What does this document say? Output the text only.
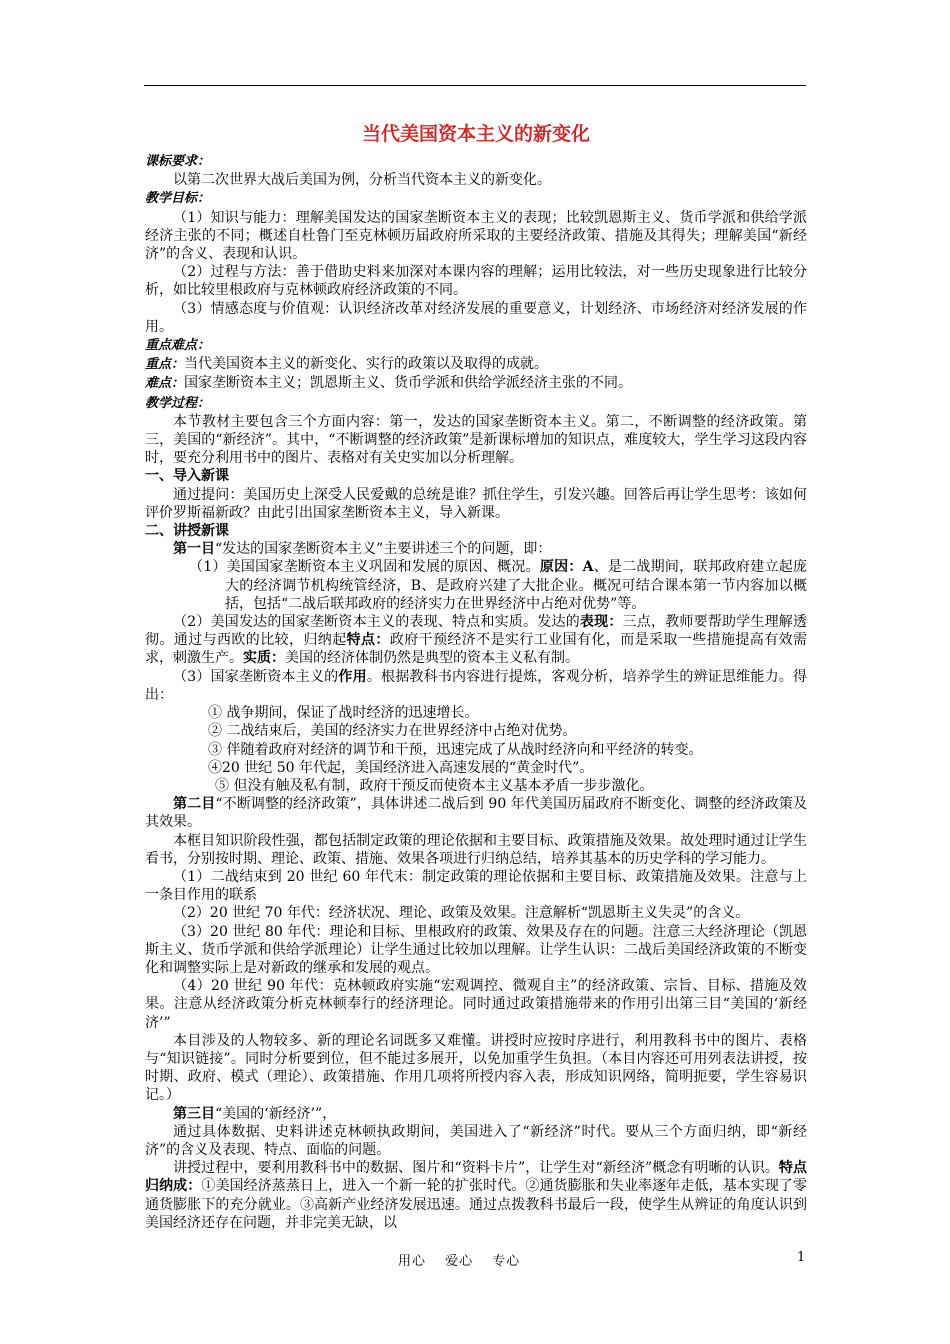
当代美国资本主义的新变化

课标要求：

以第二次世界大战后美国为例，分析当代资本主义的新变化。

教学目标：

（1）知识与能力：理解美国发达的国家垄断资本主义的表现；比较凯恩斯主义、货币学派和供给学派经济主张的不同；概述自杜鲁门至克林顿历届政府所采取的主要经济政策、措施及其得失；理解美国“新经济”的含义、表现和认识。

（2）过程与方法：善于借助史料来加深对本课内容的理解；运用比较法，对一些历史现象进行比较分析，如比较里根政府与克林顿政府经济政策的不同。

（3）情感态度与价值观：认识经济改革对经济发展的重要意义，计划经济、市场经济对经济发展的作用。

重点难点：

重点：当代美国资本主义的新变化、实行的政策以及取得的成就。

难点：国家垄断资本主义；凯恩斯主义、货币学派和供给学派经济主张的不同。

教学过程：

本节教材主要包含三个方面内容：第一，发达的国家垄断资本主义。第二，不断调整的经济政策。第三，美国的“新经济”。其中，“不断调整的经济政策”是新课标增加的知识点，难度较大，学生学习这段内容时，要充分利用书中的图片、表格对有关史实加以分析理解。

一、导入新课

通过提问：美国历史上深受人民爱戴的总统是谁？抓住学生，引发兴趣。回答后再让学生思考：该如何评价罗斯福新政？由此引出国家垄断资本主义，导入新课。

二、讲授新课

第一目“发达的国家垄断资本主义”主要讲述三个的问题，即：

（1）美国国家垄断资本主义巩固和发展的原因、概况。原因：A、是二战期间，联邦政府建立起庞大的经济调节机构统管经济，B、是政府兴建了大批企业。概况可结合课本第一节内容加以概括，包括“二战后联邦政府的经济实力在世界经济中占绝对优势”等。

（2）美国发达的国家垄断资本主义的表现、特点和实质。发达的表现：三点，教师要帮助学生理解透彻。通过与西欧的比较，归纳起特点：政府干预经济不是实行工业国有化，而是采取一些措施提高有效需求，刺激生产。实质：美国的经济体制仍然是典型的资本主义私有制。

（3）国家垄断资本主义的作用。根据教科书内容进行提炼，客观分析，培养学生的辨证思维能力。得出：

① 战争期间，保证了战时经济的迅速增长。

② 二战结束后，美国的经济实力在世界经济中占绝对优势。

③ 伴随着政府对经济的调节和干预，迅速完成了从战时经济向和平经济的转变。

④20 世纪 50 年代起，美国经济进入高速发展的“黄金时代”。

⑤ 但没有触及私有制，政府干预反而使资本主义基本矛盾一步步激化。

第二目“不断调整的经济政策”，具体讲述二战后到 90 年代美国历届政府不断变化、调整的经济政策及其效果。

本框目知识阶段性强，都包括制定政策的理论依据和主要目标、政策措施及效果。故处理时通过让学生看书，分别按时期、理论、政策、措施、效果各项进行归纳总结，培养其基本的历史学科的学习能力。

（1）二战结束到 20 世纪 60 年代末：制定政策的理论依据和主要目标、政策措施及效果。注意与上一条目作用的联系

（2）20 世纪 70 年代：经济状况、理论、政策及效果。注意解析“凯恩斯主义失灵”的含义。

（3）20 世纪 80 年代：理论和目标、里根政府的政策、效果及存在的问题。注意三大经济理论（凯恩斯主义、货币学派和供给学派理论）让学生通过比较加以理解。让学生认识：二战后美国经济政策的不断变化和调整实际上是对新政的继承和发展的观点。

（4）20 世纪 90 年代：克林顿政府实施“宏观调控、微观自主”的经济政策、宗旨、目标、措施及效果。注意从经济政策分析克林顿奉行的经济理论。同时通过政策措施带来的作用引出第三目“美国的‘新经济’”

本目涉及的人物较多、新的理论名词既多又难懂。讲授时应按时序进行，利用教科书中的图片、表格与“知识链接”。同时分析要到位，但不能过多展开，以免加重学生负担。（本目内容还可用列表法讲授，按时期、政府、模式（理论）、政策措施、作用几项将所授内容入表，形成知识网络，简明扼要，学生容易识记。）

第三目“美国的‘新经济’”，

通过具体数据、史料讲述克林顿执政期间，美国进入了“新经济”时代。要从三个方面归纳，即“新经济”的含义及表现、特点、面临的问题。

讲授过程中，要利用教科书中的数据、图片和“资料卡片”，让学生对“新经济”概念有明晰的认识。特点归纳成：①美国经济蒸蒸日上，进入一个新一轮的扩张时代。②通货膨胀和失业率逐年走低，基本实现了零通货膨胀下的充分就业。③高新产业经济发展迅速。通过点拨教科书最后一段，使学生从辨证的角度认识到美国经济还存在问题，并非完美无缺，以

用心　 爱心　 专心	1
